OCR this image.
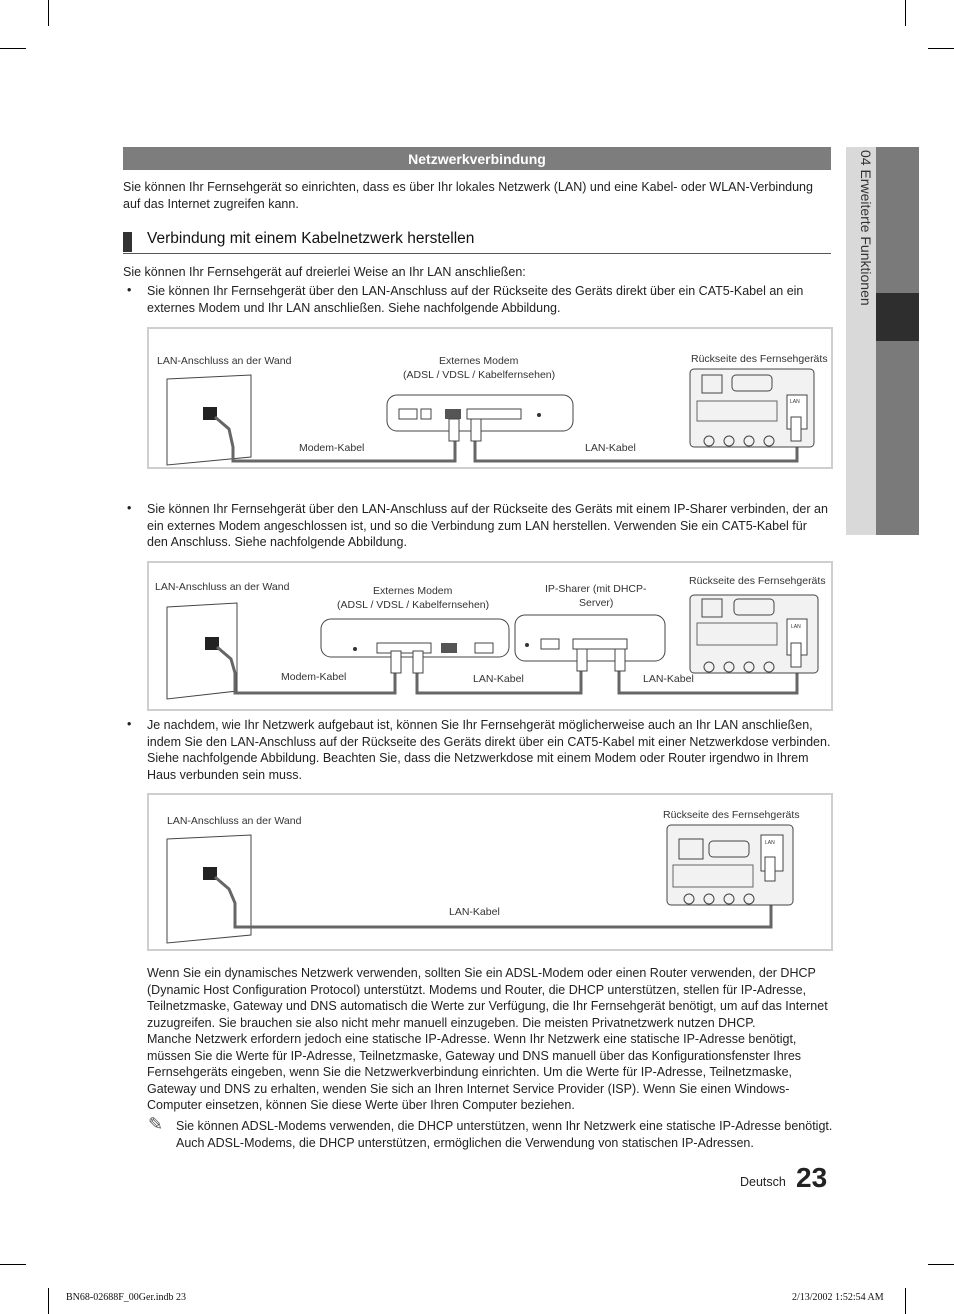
04 Erweiterte Funktionen
Netzwerkverbindung
Sie können Ihr Fernsehgerät so einrichten, dass es über Ihr lokales Netzwerk (LAN) und eine Kabel- oder WLAN-Verbindung auf das Internet zugreifen kann.
Verbindung mit einem Kabelnetzwerk herstellen
Sie können Ihr Fernsehgerät auf dreierlei Weise an Ihr LAN anschließen:
• Sie können Ihr Fernsehgerät über den LAN-Anschluss auf der Rückseite des Geräts direkt über ein CAT5-Kabel an ein externes Modem und Ihr LAN anschließen. Siehe nachfolgende Abbildung.
LAN-Anschluss an der Wand	Externes Modem
(ADSL / VDSL / Kabelfernsehen)
Rückseite des Fernsehgeräts
Modem-Kabel	LAN-Kabel
LAN
• Sie können Ihr Fernsehgerät über den LAN-Anschluss auf der Rückseite des Geräts mit einem IP-Sharer verbinden, der an ein externes Modem angeschlossen ist, und so die Verbindung zum LAN herstellen. Verwenden Sie ein CAT5-Kabel für den Anschluss. Siehe nachfolgende Abbildung.
LAN-Anschluss an der Wand	Externes Modem
(ADSL / VDSL / Kabelfernsehen)
IP-Sharer (mit DHCP-
Server)
Rückseite des Fernsehgeräts
Modem-Kabel	LAN-Kabel	LAN-Kabel
LAN
• Je nachdem, wie Ihr Netzwerk aufgebaut ist, können Sie Ihr Fernsehgerät möglicherweise auch an Ihr LAN anschließen, indem Sie den LAN-Anschluss auf der Rückseite des Geräts direkt über ein CAT5-Kabel mit einer Netzwerkdose verbinden. Siehe nachfolgende Abbildung. Beachten Sie, dass die Netzwerkdose mit einem Modem oder Router irgendwo in Ihrem Haus verbunden sein muss.
LAN-Anschluss an der Wand	Rückseite des Fernsehgeräts
LAN-Kabel
LAN
Wenn Sie ein dynamisches Netzwerk verwenden, sollten Sie ein ADSL-Modem oder einen Router verwenden, der DHCP (Dynamic Host Configuration Protocol) unterstützt. Modems und Router, die DHCP unterstützen, stellen für IP-Adresse, Teilnetzmaske, Gateway und DNS automatisch die Werte zur Verfügung, die Ihr Fernsehgerät benötigt, um auf das Internet zuzugreifen. Sie brauchen sie also nicht mehr manuell einzugeben. Die meisten Privatnetzwerk nutzen DHCP.
Manche Netzwerk erfordern jedoch eine statische IP-Adresse. Wenn Ihr Netzwerk eine statische IP-Adresse benötigt, müssen Sie die Werte für IP-Adresse, Teilnetzmaske, Gateway und DNS manuell über das Konfigurationsfenster Ihres Fernsehgeräts eingeben, wenn Sie die Netzwerkverbindung einrichten. Um die Werte für IP-Adresse, Teilnetzmaske, Gateway und DNS zu erhalten, wenden Sie sich an Ihren Internet Service Provider (ISP). Wenn Sie einen Windows-Computer einsetzen, können Sie diese Werte über Ihren Computer beziehen.
✎ Sie können ADSL-Modems verwenden, die DHCP unterstützen, wenn Ihr Netzwerk eine statische IP-Adresse benötigt. Auch ADSL-Modems, die DHCP unterstützen, ermöglichen die Verwendung von statischen IP-Adressen.
Deutsch 23
BN68-02688F_00Ger.indb 23	2/13/2002 1:52:54 AM
